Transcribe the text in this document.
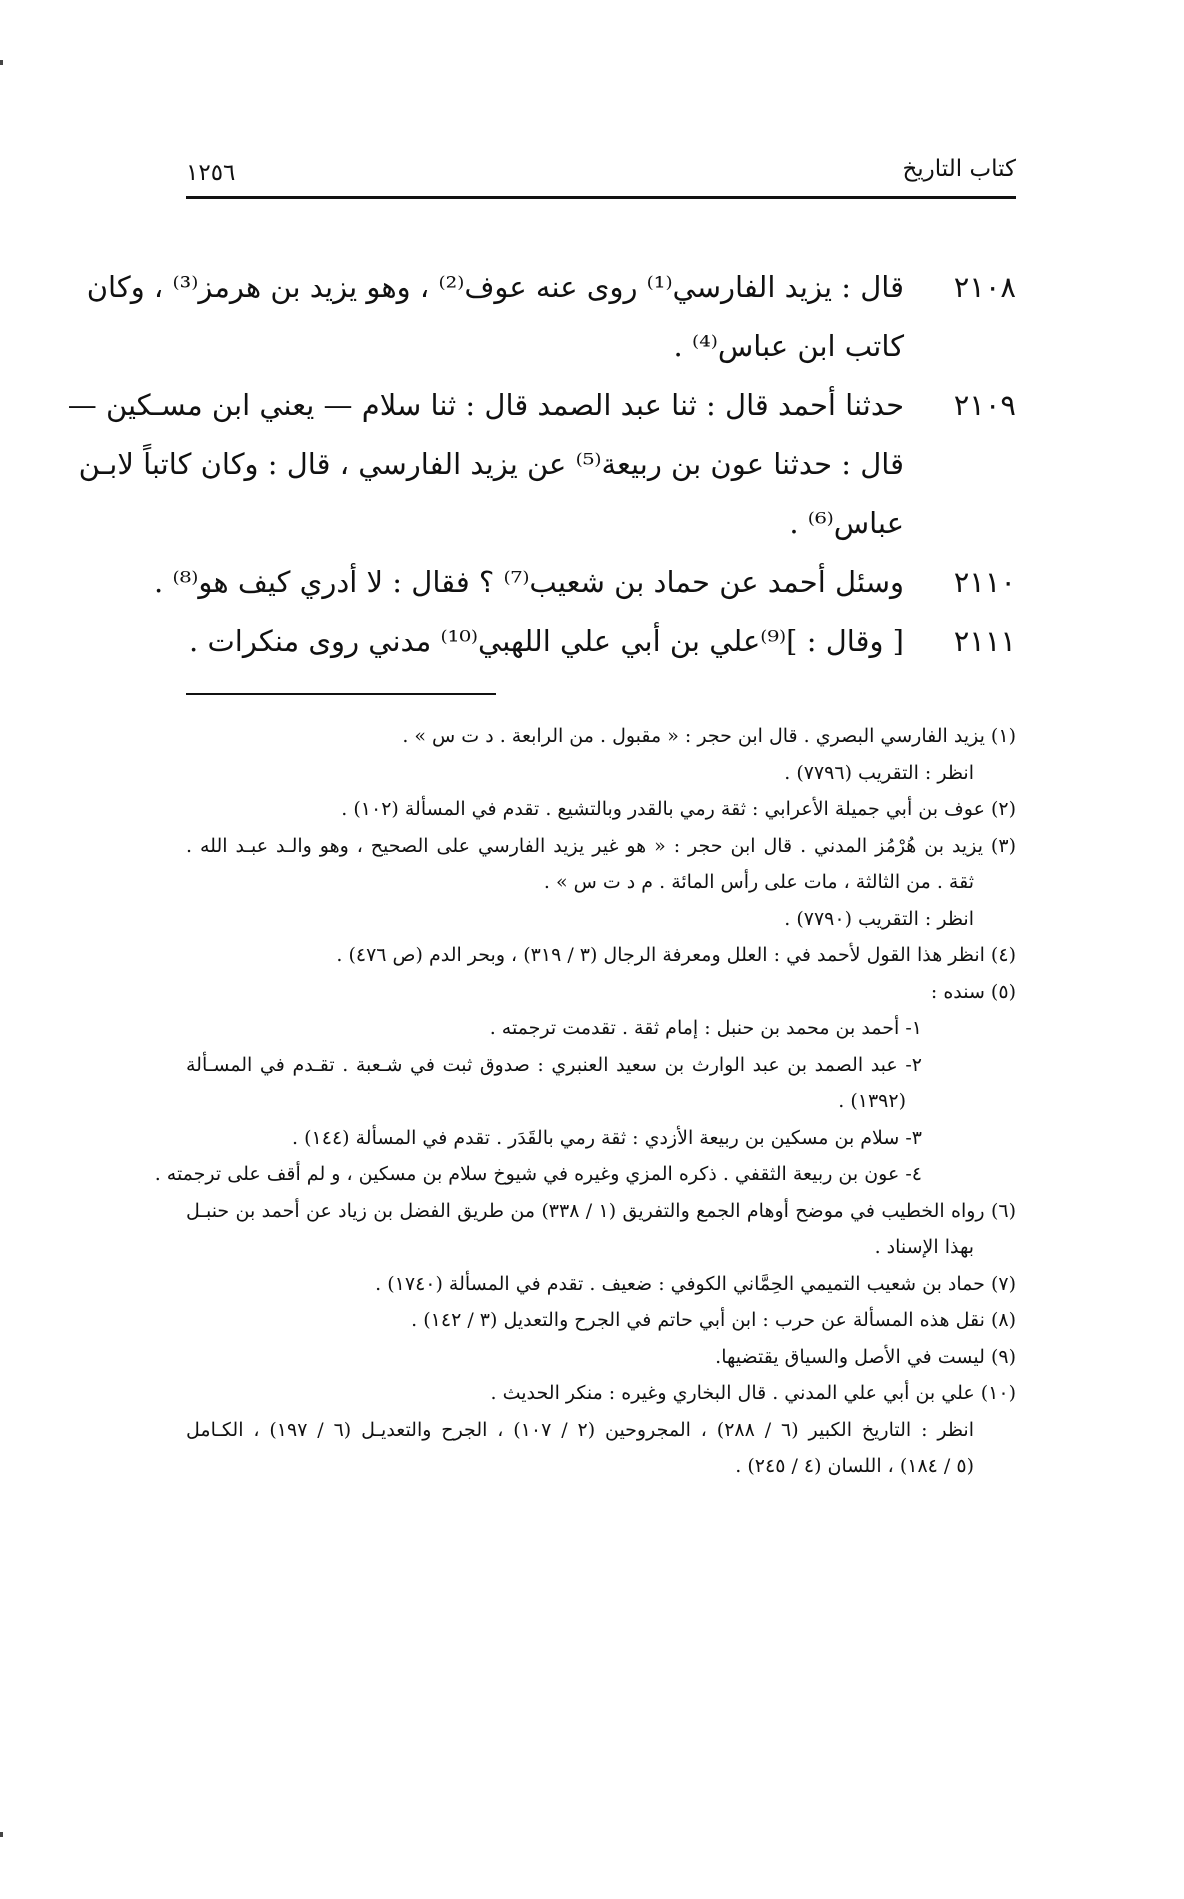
كتاب التاريخ
١٢٥٦
٢١٠٨
قال : يزيد الفارسي⁽¹⁾ روى عنه عوف⁽²⁾ ، وهو يزيد بن هرمز⁽³⁾ ، وكان
كاتب ابن عباس⁽⁴⁾ .
٢١٠٩
حدثنا أحمد قال : ثنا عبد الصمد قال : ثنا سلام — يعني ابن مسـكين —
قال : حدثنا عون بن ربيعة⁽⁵⁾ عن يزيد الفارسي ، قال : وكان كاتباً لابـن
عباس⁽⁶⁾ .
٢١١٠
وسئل أحمد عن حماد بن شعيب⁽⁷⁾ ؟ فقال : لا أدري كيف هو⁽⁸⁾ .
٢١١١
[ وقال : ]⁽⁹⁾علي بن أبي علي اللهبي⁽¹⁰⁾ مدني روى منكرات .
(١) يزيد الفارسي البصري . قال ابن حجر : « مقبول . من الرابعة . د ت س » .
انظر : التقريب (٧٧٩٦) .
(٢) عوف بن أبي جميلة الأعرابي : ثقة رمي بالقدر وبالتشيع . تقدم في المسألة (١٠٢) .
(٣) يزيد بن هُرْمُز المدني . قال ابن حجر : « هو غير يزيد الفارسي على الصحيح ، وهو والـد عبـد الله .
ثقة . من الثالثة ، مات على رأس المائة . م د ت س » .
انظر : التقريب (٧٧٩٠) .
(٤) انظر هذا القول لأحمد في : العلل ومعرفة الرجال (٣ / ٣١٩) ، وبحر الدم (ص ٤٧٦) .
(٥) سنده :
١- أحمد بن محمد بن حنبل : إمام ثقة . تقدمت ترجمته .
٢- عبد الصمد بن عبد الوارث بن سعيد العنبري : صدوق ثبت في شـعبة . تقـدم في المسـألة
(١٣٩٢) .
٣- سلام بن مسكين بن ربيعة الأزدي : ثقة رمي بالقَدَر . تقدم في المسألة (١٤٤) .
٤- عون بن ربيعة الثقفي . ذكره المزي وغيره في شيوخ سلام بن مسكين ، و لم أقف على ترجمته .
(٦) رواه الخطيب في موضح أوهام الجمع والتفريق (١ / ٣٣٨) من طريق الفضل بن زياد عن أحمد بن حنبـل
بهذا الإسناد .
(٧) حماد بن شعيب التميمي الحِمَّاني الكوفي : ضعيف . تقدم في المسألة (١٧٤٠) .
(٨) نقل هذه المسألة عن حرب : ابن أبي حاتم في الجرح والتعديل (٣ / ١٤٢) .
(٩) ليست في الأصل والسياق يقتضيها.
(١٠) علي بن أبي علي المدني . قال البخاري وغيره : منكر الحديث .
انظر : التاريخ الكبير (٦ / ٢٨٨) ، المجروحين (٢ / ١٠٧) ، الجرح والتعديـل (٦ / ١٩٧) ، الكـامل
(٥ / ١٨٤) ، اللسان (٤ / ٢٤٥) .
